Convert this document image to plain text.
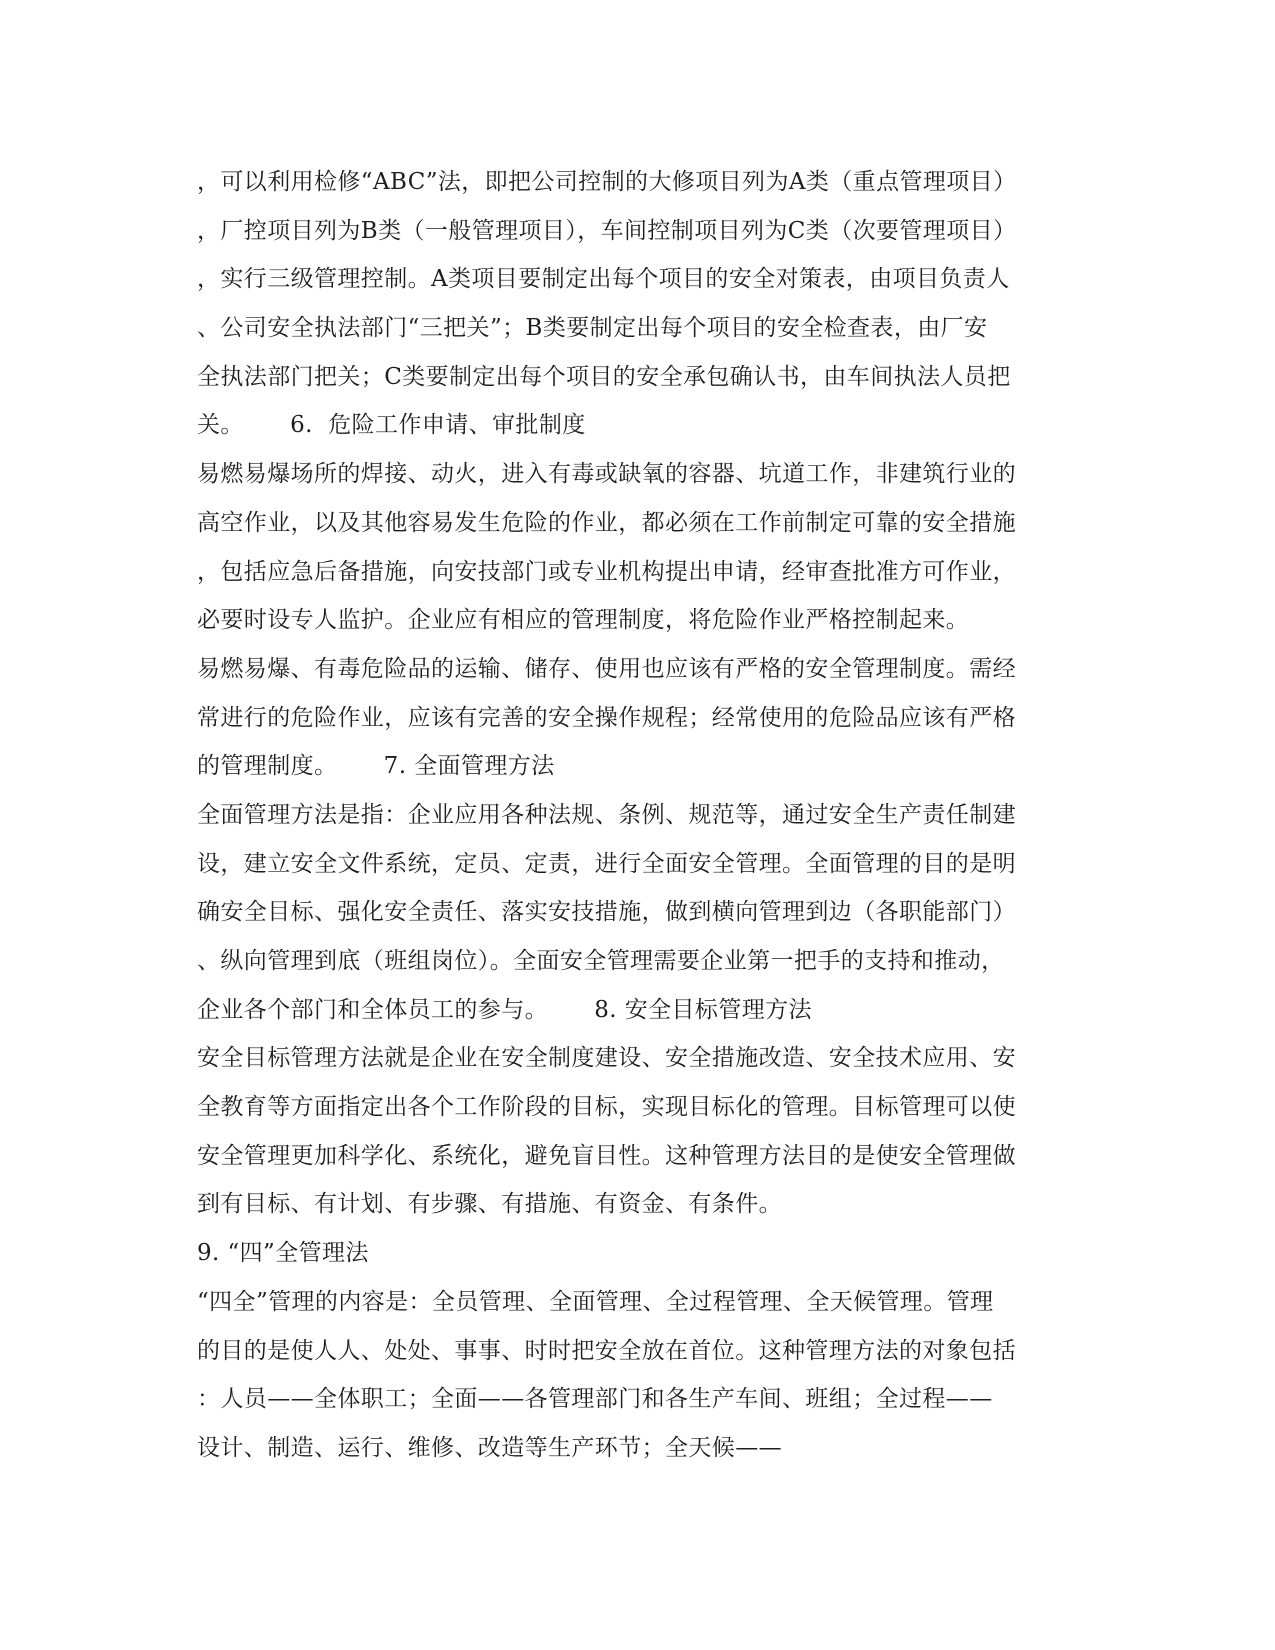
，可以利用检修“ABC”法，即把公司控制的大修项目列为A类（重点管理项目）
，厂控项目列为B类（一般管理项目），车间控制项目列为C类（次要管理项目）
，实行三级管理控制。A类项目要制定出每个项目的安全对策表，由项目负责人
、公司安全执法部门“三把关”；B类要制定出每个项目的安全检查表，由厂安
全执法部门把关；C类要制定出每个项目的安全承包确认书，由车间执法人员把
关。      6.  危险工作申请、审批制度
易燃易爆场所的焊接、动火，进入有毒或缺氧的容器、坑道工作，非建筑行业的
高空作业，以及其他容易发生危险的作业，都必须在工作前制定可靠的安全措施
，包括应急后备措施，向安技部门或专业机构提出申请，经审查批准方可作业，
必要时设专人监护。企业应有相应的管理制度，将危险作业严格控制起来。
易燃易爆、有毒危险品的运输、储存、使用也应该有严格的安全管理制度。需经
常进行的危险作业，应该有完善的安全操作规程；经常使用的危险品应该有严格
的管理制度。      7. 全面管理方法
全面管理方法是指：企业应用各种法规、条例、规范等，通过安全生产责任制建
设，建立安全文件系统，定员、定责，进行全面安全管理。全面管理的目的是明
确安全目标、强化安全责任、落实安技措施，做到横向管理到边（各职能部门）
、纵向管理到底（班组岗位）。全面安全管理需要企业第一把手的支持和推动，
企业各个部门和全体员工的参与。      8. 安全目标管理方法
安全目标管理方法就是企业在安全制度建设、安全措施改造、安全技术应用、安
全教育等方面指定出各个工作阶段的目标，实现目标化的管理。目标管理可以使
安全管理更加科学化、系统化，避免盲目性。这种管理方法目的是使安全管理做
到有目标、有计划、有步骤、有措施、有资金、有条件。
9. “四”全管理法
“四全”管理的内容是：全员管理、全面管理、全过程管理、全天候管理。管理
的目的是使人人、处处、事事、时时把安全放在首位。这种管理方法的对象包括
：人员——全体职工；全面——各管理部门和各生产车间、班组；全过程——
设计、制造、运行、维修、改造等生产环节；全天候——
